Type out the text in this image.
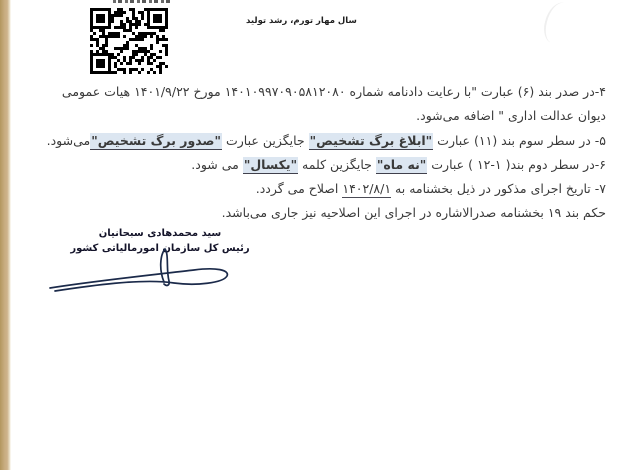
سال مهار تورم، رشد تولید
۴-در صدر بند (۶) عبارت "با رعایت دادنامه شماره ۱۴۰۱۰۹۹۷۰۹۰۵۸۱۲۰۸۰ مورخ ۱۴۰۱/۹/۲۲ هیات عمومی
دیوان عدالت اداری " اضافه می‌شود.
۵- در سطر سوم بند (۱۱) عبارت "ابلاغ برگ تشخیص" جایگزین عبارت "صدور برگ تشخیص"می‌شود.
۶-در سطر دوم بند( ۱-۱۲ ) عبارت "نه ماه" جایگزین کلمه "یکسال" می شود.
۷- تاریخ اجرای مذکور در ذیل بخشنامه به ۱۴۰۲/۸/۱ اصلاح می گردد.
حکم بند ۱۹ بخشنامه صدرالاشاره در اجرای این اصلاحیه نیز جاری می‌باشد.
سید محمدهادی سبحانیان
رئیس کل سازمان امورمالیاتی کشور
